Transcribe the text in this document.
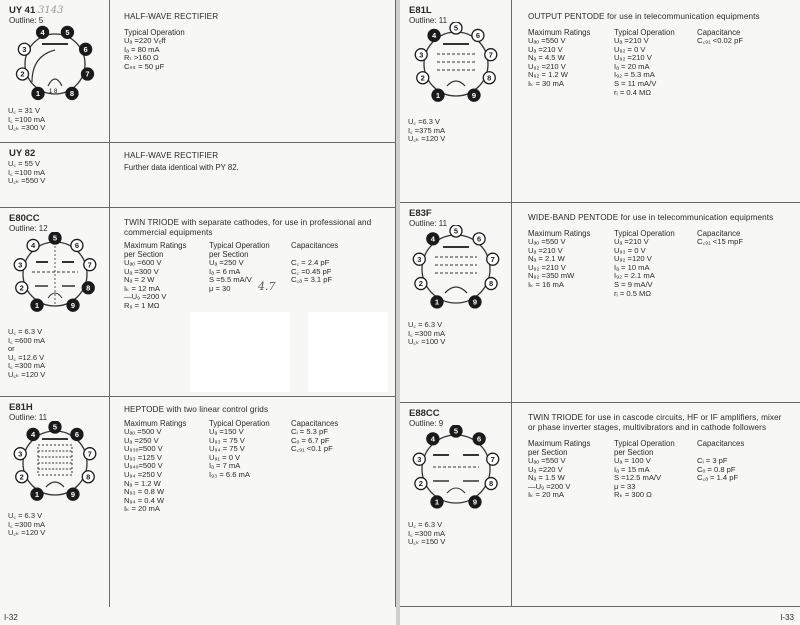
UY 41
Outline: 5
3143
1
2
3
4	5
6
7
8
1 8
U꜀ = 31 V
I꜀ =100 mA
U꜀ₖ =300 V
HALF-WAVE RECTIFIER
Typical Operation
Uₐ =220 Vₑff
Iₐ = 80 mA
Rₜ >160 Ω
Cₙₗₜ = 50 μF
UY 82
U꜀ = 55 V
I꜀ =100 mA
U꜀ₖ =550 V
HALF-WAVE RECTIFIER
Further data identical with PY 82.
E80CC
Outline: 12
1
2
3
4
5
6
7
8
9
U꜀ = 6.3 V
I꜀ =600 mA
or
U꜀ =12.6 V
I꜀ =300 mA
U꜀ₖ =120 V
TWIN TRIODE with separate cathodes, for use in professional and
commercial equipments
Maximum Ratings
per Section
Uₐₒ =600 V
Uₐ =300 V
Nₐ = 2 W
Iₖ = 12 mA
—U₉ =200 V
R₉ = 1 MΩ
Typical Operation
per Section
Uₐ =250 V
Iₐ = 6 mA
S =5.5 mA/V
μ = 30
Capacitances

C꜀ = 2.4 pF
C꜀ =0.45 pF
C꜀ₐ = 3.1 pF
4.7
E81H
Outline: 11
1
2
3
4
5
6
7
8
9
U꜀ = 6.3 V
I꜀ =300 mA
U꜀ₖ =120 V
HEPTODE with two linear control grids
Maximum Ratings
Uₐₒ =500 V
Uₐ =250 V
U₉₃ₒ=500 V
U₉₃ =125 V
U₉₄ₒ=500 V
U₉₄ =250 V
Nₐ = 1.2 W
N₉₃ = 0.8 W
N₉₄ = 0.4 W
Iₖ = 20 mA
Typical Operation
Uₐ =150 V
U₉₃ = 75 V
U₉₄ = 75 V
U₉₁ = 0 V
Iₐ = 7 mA
I₉₃ = 6.6 mA
Capacitances
Cᵢ = 5.3 pF
Cₒ = 6.7 pF
C꜀₉₁ <0.1 pF
I-32
E81L
Outline: 11
1
2
3
4
5
6
7
8
9
U꜀ =6.3 V
I꜀ =375 mA
U꜀ₖ =120 V
OUTPUT PENTODE for use in telecommunication equipments
Maximum Ratings
Uₐₒ =550 V
Uₐ =210 V
Nₐ = 4.5 W
U₉₂ =210 V
N₉₂ = 1.2 W
Iₖ = 30 mA
Typical Operation
Uₐ =210 V
U₉₂ = 0 V
U₉₂ =210 V
Iₐ = 20 mA
I₉₂ = 5.3 mA
S = 11 mA/V
rᵢ = 0.4 MΩ
Capacitance
C꜀₉₁ <0.02 pF
E83F
Outline: 11
1
2
3
4
5
6
7
8
9
U꜀ = 6.3 V
I꜀ =300 mA
U꜀ₖ =100 V
WIDE-BAND PENTODE for use in telecommunication equipments
Maximum Ratings
Uₐₒ =550 V
Uₐ =210 V
Nₐ = 2.1 W
U₉₂ =210 V
N₉₂ =350 mW
Iₖ = 16 mA
Typical Operation
Uₐ =210 V
U₉₃ = 0 V
U₉₂ =120 V
Iₐ = 10 mA
I₉₂ = 2.1 mA
S = 9 mA/V
rᵢ = 0.5 MΩ
Capacitance
C꜀₉₁ <15 mpF
E88CC
Outline: 9
1
2
3
4
5
6
7
8
9
U꜀ = 6.3 V
I꜀ =300 mA
U꜀ₖ =150 V
TWIN TRIODE for use in cascode circuits, HF or IF amplifiers, mixer
or phase inverter stages, multivibrators and in cathode followers
Maximum Ratings
per Section
Uₐₒ =550 V
Uₐ =220 V
Nₐ = 1.5 W
—U₉ =200 V
Iₖ = 20 mA
Typical Operation
per Section
Uₐ = 100 V
Iₐ = 15 mA
S =12.5 mA/V
μ = 33
Rₖ = 300 Ω
Capacitances

Cᵢ = 3 pF
Cₒ = 0.8 pF
C꜀ₐ = 1.4 pF
I-33
